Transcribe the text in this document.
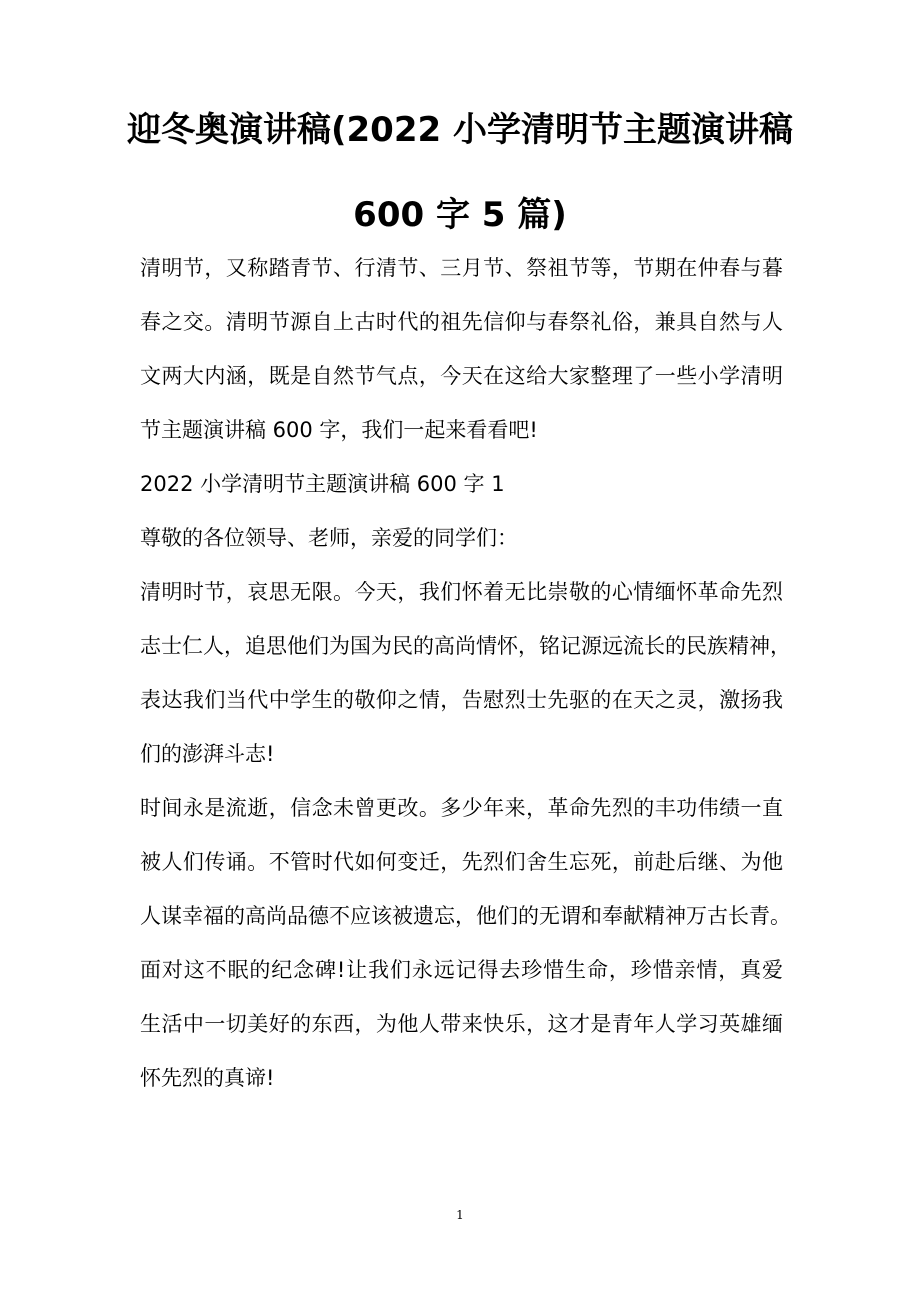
迎冬奥演讲稿(2022 小学清明节主题演讲稿
600 字 5 篇)
清明节，又称踏青节、行清节、三月节、祭祖节等，节期在仲春与暮
春之交。清明节源自上古时代的祖先信仰与春祭礼俗，兼具自然与人
文两大内涵，既是自然节气点，今天在这给大家整理了一些小学清明
节主题演讲稿 600 字，我们一起来看看吧!
2022 小学清明节主题演讲稿 600 字 1
尊敬的各位领导、老师，亲爱的同学们：
清明时节，哀思无限。今天，我们怀着无比崇敬的心情缅怀革命先烈
志士仁人，追思他们为国为民的高尚情怀，铭记源远流长的民族精神，
表达我们当代中学生的敬仰之情，告慰烈士先驱的在天之灵，激扬我
们的澎湃斗志!
时间永是流逝，信念未曾更改。多少年来，革命先烈的丰功伟绩一直
被人们传诵。不管时代如何变迁，先烈们舍生忘死，前赴后继、为他
人谋幸福的高尚品德不应该被遗忘，他们的无谓和奉献精神万古长青。
面对这不眠的纪念碑!让我们永远记得去珍惜生命，珍惜亲情，真爱
生活中一切美好的东西，为他人带来快乐，这才是青年人学习英雄缅
怀先烈的真谛!
1
